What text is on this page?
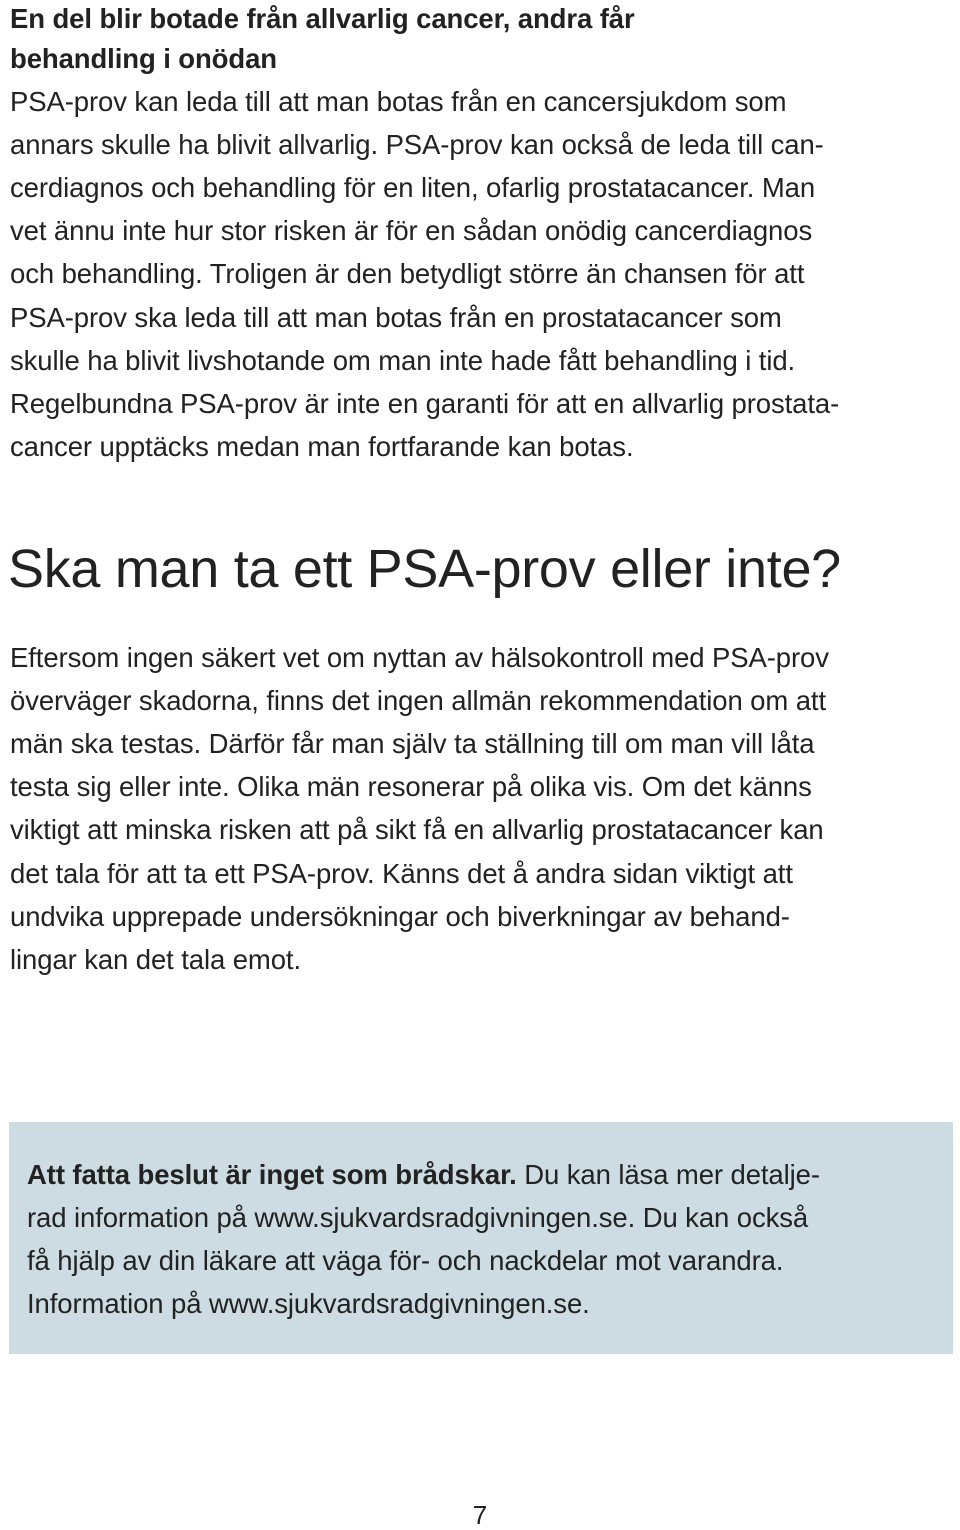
En del blir botade från allvarlig cancer, andra får
behandling i onödan
PSA-prov kan leda till att man botas från en cancersjukdom som
annars skulle ha blivit allvarlig. PSA-prov kan också de leda till can-
cerdiagnos och behandling för en liten, ofarlig prostatacancer. Man
vet ännu inte hur stor risken är för en sådan onödig cancerdiagnos
och behandling. Troligen är den betydligt större än chansen för att
PSA-prov ska leda till att man botas från en prostatacancer som
skulle ha blivit livshotande om man inte hade fått behandling i tid.
Regelbundna PSA-prov är inte en garanti för att en allvarlig prostata-
cancer upptäcks medan man fortfarande kan botas.
Ska man ta ett PSA-prov eller inte?
Eftersom ingen säkert vet om nyttan av hälsokontroll med PSA-prov
överväger skadorna, finns det ingen allmän rekommendation om att
män ska testas. Därför får man själv ta ställning till om man vill låta
testa sig eller inte. Olika män resonerar på olika vis. Om det känns
viktigt att minska risken att på sikt få en allvarlig prostatacancer kan
det tala för att ta ett PSA-prov. Känns det å andra sidan viktigt att
undvika upprepade undersökningar och biverkningar av behand-
lingar kan det tala emot.
Att fatta beslut är inget som brådskar. Du kan läsa mer detalje-
rad information på www.sjukvardsradgivningen.se. Du kan också
få hjälp av din läkare att väga för- och nackdelar mot varandra.
Information på www.sjukvardsradgivningen.se.
7
